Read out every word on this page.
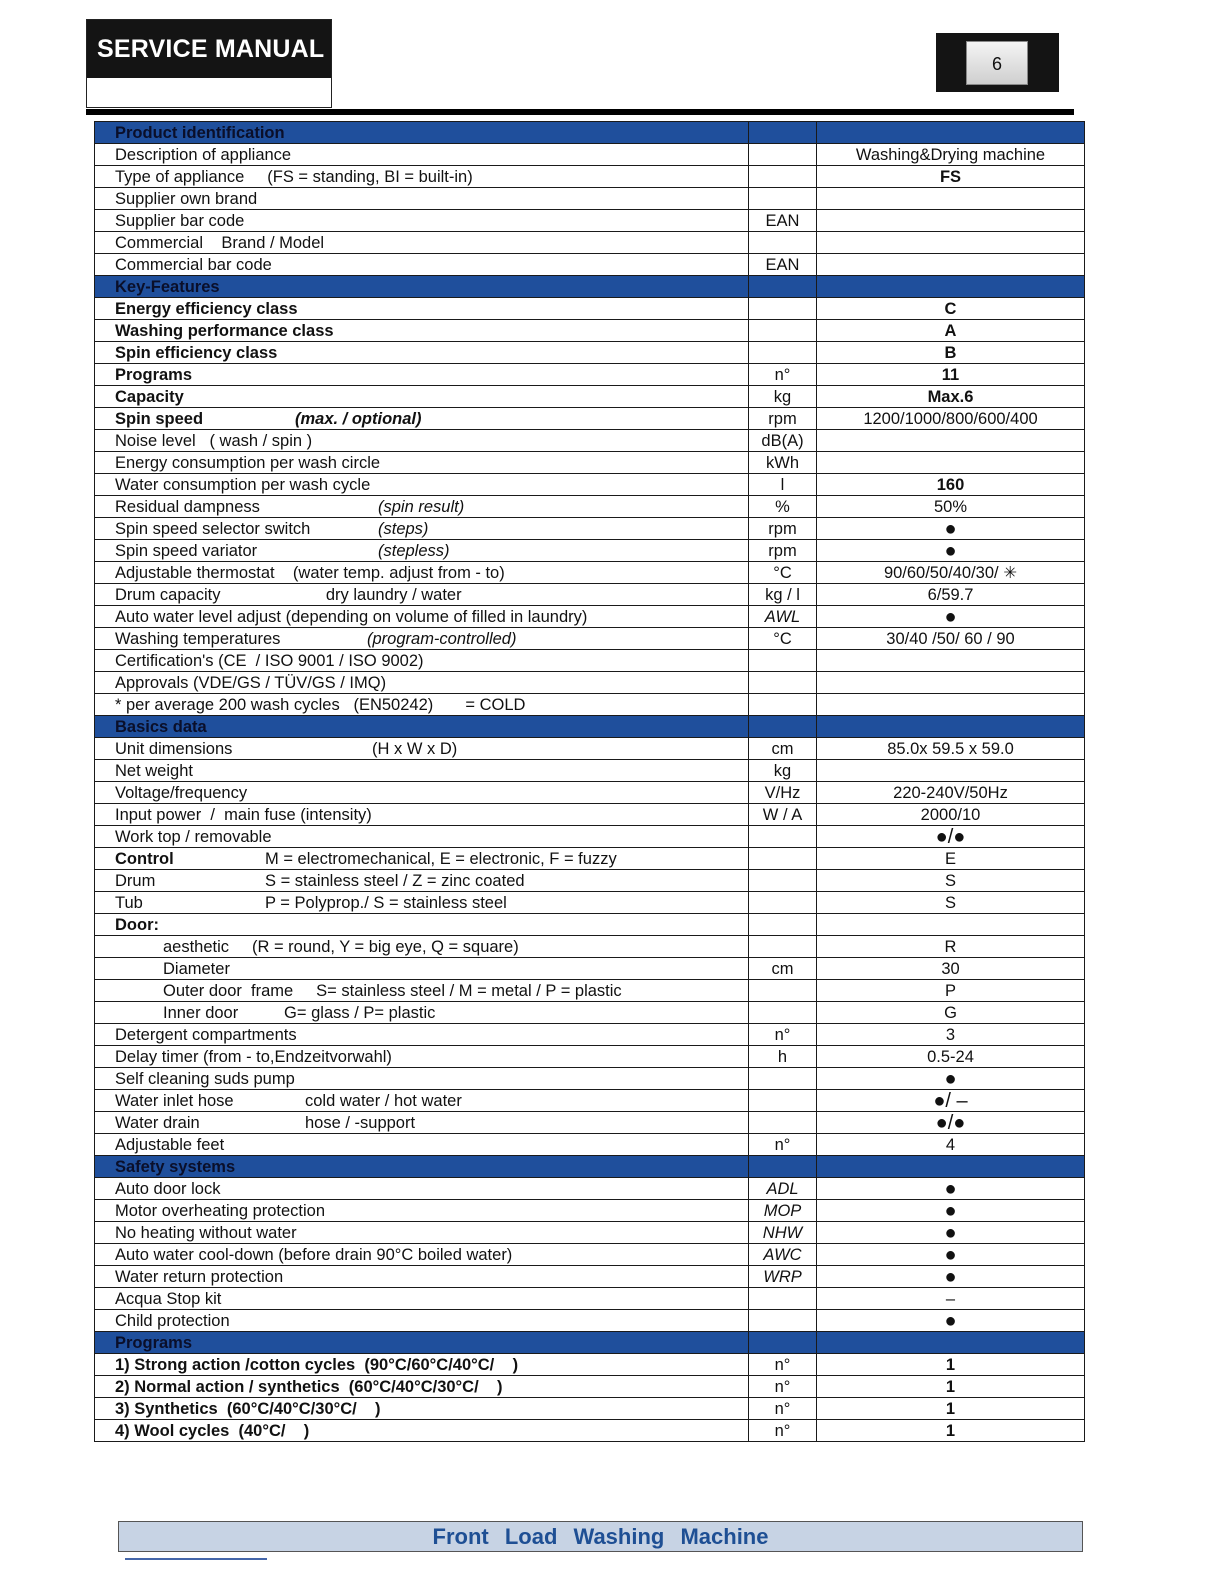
SERVICE MANUAL
6
Product identification		
Description of appliance		Washing&Drying machine
Type of appliance     (FS = standing, BI = built-in)		FS
Supplier own brand		
Supplier bar code	EAN	
Commercial    Brand / Model		
Commercial bar code	EAN	
Key-Features		
Energy efficiency class		C
Washing performance class		A
Spin efficiency class		B
Programs	n°	11
Capacity	kg	Max.6
Spin speed (max. / optional)	rpm	1200/1000/800/600/400
Noise level   ( wash / spin )	dB(A)	
Energy consumption per wash circle	kWh	
Water consumption per wash cycle	l	160
Residual dampness (spin result)	%	50%
Spin speed selector switch (steps)	rpm	●
Spin speed variator (stepless)	rpm	●
Adjustable thermostat    (water temp. adjust from - to)	°C	90/60/50/40/30/ ✳
Drum capacity                       dry laundry / water	kg / l	6/59.7
Auto water level adjust (depending on volume of filled in laundry)	AWL	●
Washing temperatures (program-controlled)	°C	30/40 /50/ 60 / 90
Certification's (CE  / ISO 9001 / ISO 9002)		
Approvals (VDE/GS / TÜV/GS / IMQ)		
* per average 200 wash cycles   (EN50242)       = COLD		
Basics data		
Unit dimensions (H x W x D)	cm	85.0x 59.5 x 59.0
Net weight	kg	
Voltage/frequency	V/Hz	220-240V/50Hz
Input power  /  main fuse (intensity)	W / A	2000/10
Work top / removable		●/●
Control M = electromechanical, E = electronic, F = fuzzy		E
Drum S = stainless steel / Z = zinc coated		S
Tub P = Polyprop./ S = stainless steel		S
Door:		
aesthetic     (R = round, Y = big eye, Q = square)		R
Diameter	cm	30
Outer door  frame     S= stainless steel / M = metal / P = plastic		P
Inner door          G= glass / P= plastic		G
Detergent compartments	n°	3
Delay timer (from - to,Endzeitvorwahl)	h	0.5-24
Self cleaning suds pump		●
Water inlet hose cold water / hot water		●/ –
Water drain hose / -support		●/●
Adjustable feet	n°	4
Safety systems		
Auto door lock	ADL	●
Motor overheating protection	MOP	●
No heating without water	NHW	●
Auto water cool-down (before drain 90°C boiled water)	AWC	●
Water return protection	WRP	●
Acqua Stop kit		–
Child protection		●
Programs		
1) Strong action /cotton cycles  (90°C/60°C/40°C/    )	n°	1
2) Normal action / synthetics  (60°C/40°C/30°C/    )	n°	1
3) Synthetics  (60°C/40°C/30°C/    )	n°	1
4) Wool cycles  (40°C/    )	n°	1
Front Load Washing Machine
